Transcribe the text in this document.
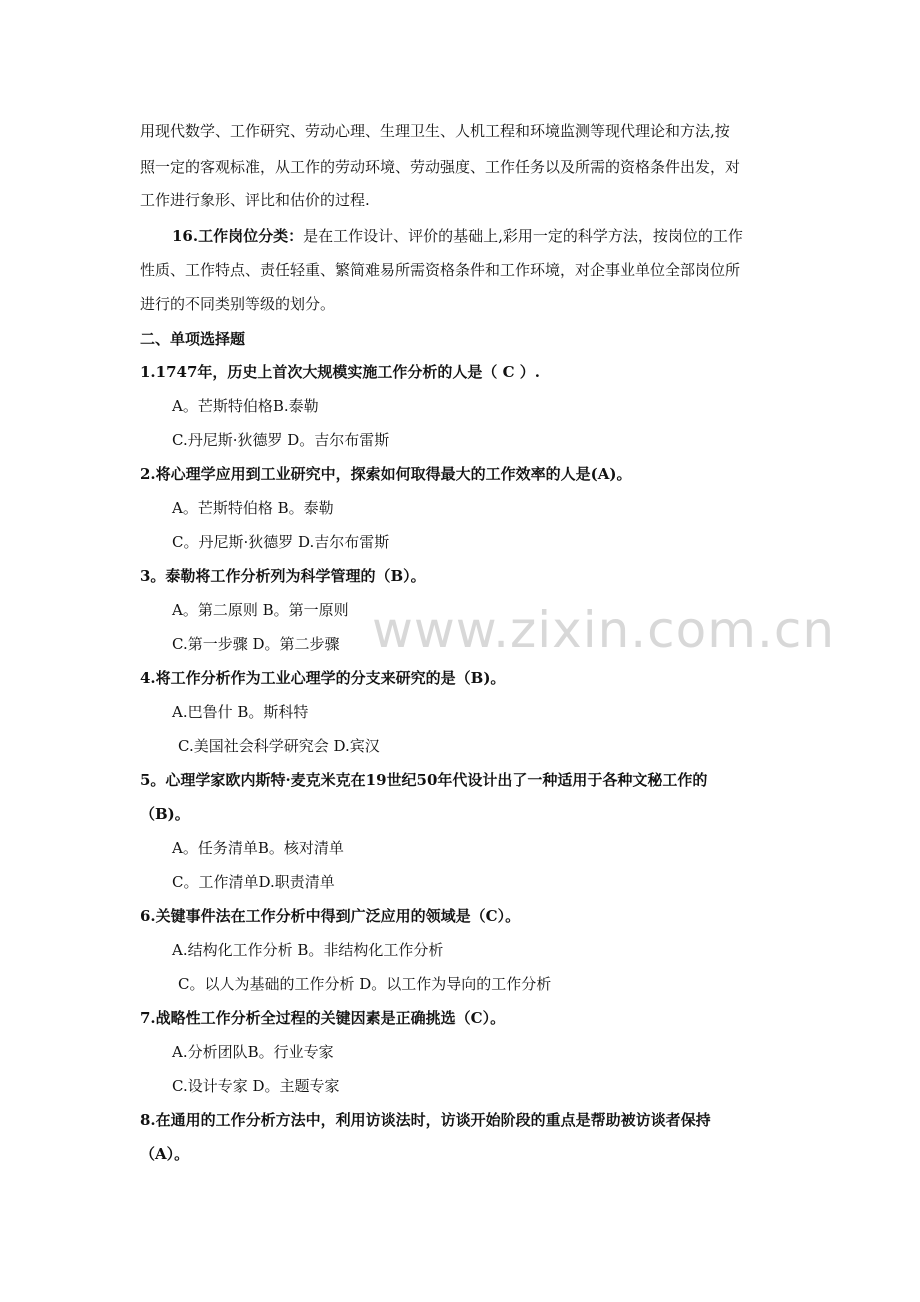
www.zixin.com.cn
用现代数学、工作研究、劳动心理、生理卫生、人机工程和环境监测等现代理论和方法,按
照一定的客观标准，从工作的劳动环境、劳动强度、工作任务以及所需的资格条件出发，对
工作进行象形、评比和估价的过程.
16.工作岗位分类：是在工作设计、评价的基础上,彩用一定的科学方法，按岗位的工作
性质、工作特点、责任轻重、繁简难易所需资格条件和工作环境，对企事业单位全部岗位所
进行的不同类别等级的划分。
二、单项选择题
1.1747年，历史上首次大规模实施工作分析的人是（ C ）.
A。芒斯特伯格B.泰勒
C.丹尼斯·狄德罗 D。吉尔布雷斯
2.将心理学应用到工业研究中，探索如何取得最大的工作效率的人是(A)。
A。芒斯特伯格 B。泰勒
C。丹尼斯·狄德罗 D.吉尔布雷斯
3。泰勒将工作分析列为科学管理的（B）。
A。第二原则 B。第一原则
C.第一步骤 D。第二步骤
4.将工作分析作为工业心理学的分支来研究的是（B)。
A.巴鲁什 B。斯科特
C.美国社会科学研究会 D.宾汉
5。心理学家欧内斯特·麦克米克在19世纪50年代设计出了一种适用于各种文秘工作的
（B)。
A。任务清单B。核对清单
C。工作清单D.职责清单
6.关键事件法在工作分析中得到广泛应用的领域是（C）。
A.结构化工作分析 B。非结构化工作分析
C。以人为基础的工作分析 D。以工作为导向的工作分析
7.战略性工作分析全过程的关键因素是正确挑选（C）。
A.分析团队B。行业专家
C.设计专家 D。主题专家
8.在通用的工作分析方法中，利用访谈法时，访谈开始阶段的重点是帮助被访谈者保持
（A）。
